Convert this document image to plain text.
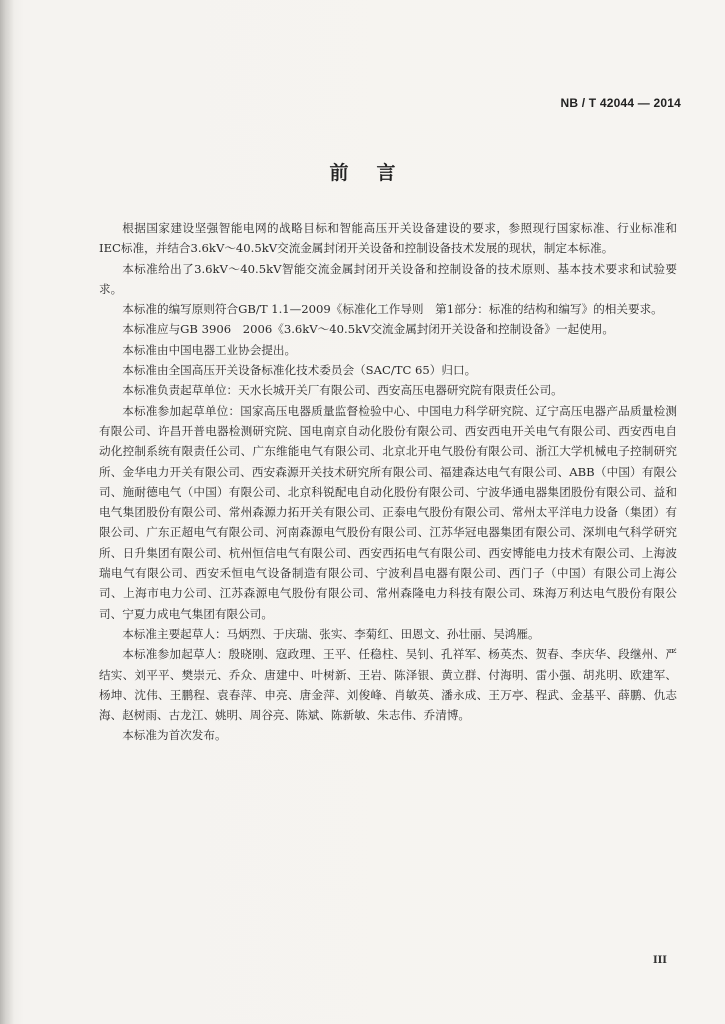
NB / T 42044 — 2014
前言

根据国家建设坚强智能电网的战略目标和智能高压开关设备建设的要求，参照现行国家标准、行业标准和IEC标准，并结合3.6kV～40.5kV交流金属封闭开关设备和控制设备技术发展的现状，制定本标准。

本标准给出了3.6kV～40.5kV智能交流金属封闭开关设备和控制设备的技术原则、基本技术要求和试验要求。

本标准的编写原则符合GB/T 1.1—2009《标准化工作导则　第1部分：标准的结构和编写》的相关要求。

本标准应与GB 3906　2006《3.6kV～40.5kV交流金属封闭开关设备和控制设备》一起使用。

本标准由中国电器工业协会提出。

本标准由全国高压开关设备标准化技术委员会（SAC/TC 65）归口。

本标准负责起草单位：天水长城开关厂有限公司、西安高压电器研究院有限责任公司。

本标准参加起草单位：国家高压电器质量监督检验中心、中国电力科学研究院、辽宁高压电器产品质量检测有限公司、许昌开普电器检测研究院、国电南京自动化股份有限公司、西安西电开关电气有限公司、西安西电自动化控制系统有限责任公司、广东维能电气有限公司、北京北开电气股份有限公司、浙江大学机械电子控制研究所、金华电力开关有限公司、西安森源开关技术研究所有限公司、福建森达电气有限公司、ABB（中国）有限公司、施耐德电气（中国）有限公司、北京科锐配电自动化股份有限公司、宁波华通电器集团股份有限公司、益和电气集团股份有限公司、常州森源力拓开关有限公司、正泰电气股份有限公司、常州太平洋电力设备（集团）有限公司、广东正超电气有限公司、河南森源电气股份有限公司、江苏华冠电器集团有限公司、深圳电气科学研究所、日升集团有限公司、杭州恒信电气有限公司、西安西拓电气有限公司、西安博能电力技术有限公司、上海波瑞电气有限公司、西安禾恒电气设备制造有限公司、宁波利昌电器有限公司、西门子（中国）有限公司上海公司、上海市电力公司、江苏森源电气股份有限公司、常州森隆电力科技有限公司、珠海万利达电气股份有限公司、宁夏力成电气集团有限公司。

本标准主要起草人：马炳烈、于庆瑞、张实、李菊红、田恩文、孙壮丽、吴鸿雁。

本标准参加起草人：殷晓刚、寇政理、王平、任稳柱、吴钊、孔祥军、杨英杰、贺春、李庆华、段继州、严结实、刘平平、樊崇元、乔众、唐建中、叶树新、王岩、陈泽银、黄立群、付海明、雷小强、胡兆明、欧建军、杨坤、沈伟、王鹏程、袁春萍、申亮、唐金萍、刘俊峰、肖敏英、潘永成、王万亭、程武、金基平、薛鹏、仇志海、赵树雨、古龙江、姚明、周谷亮、陈斌、陈新敏、朱志伟、乔清博。

本标准为首次发布。

III
